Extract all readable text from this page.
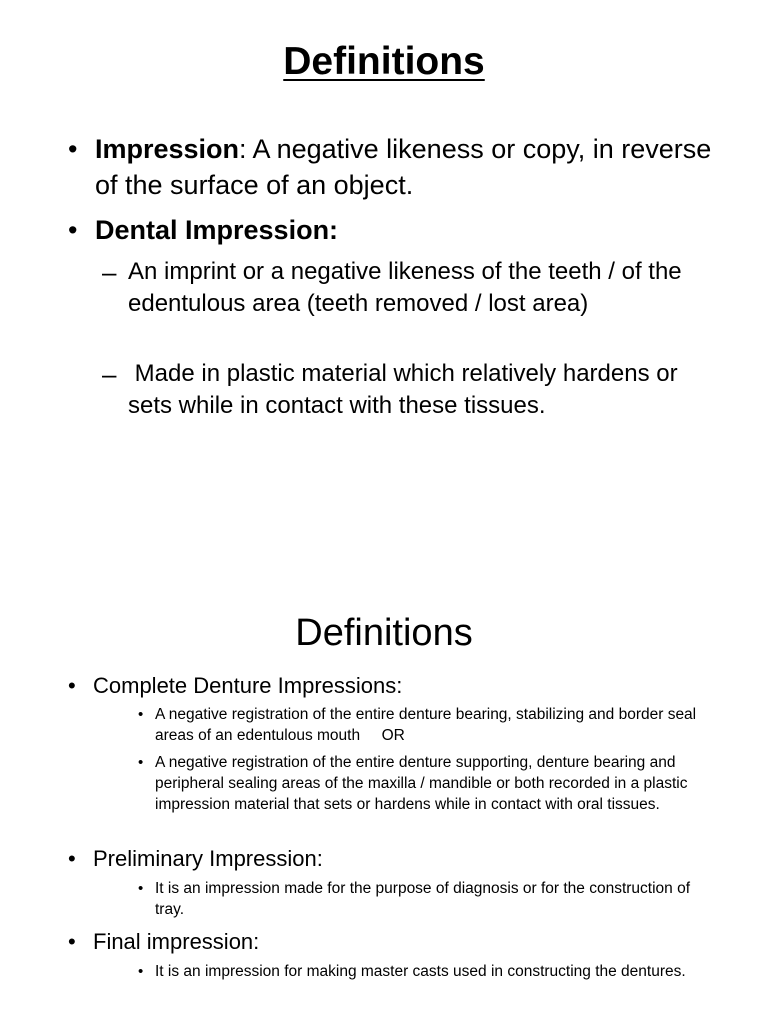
Definitions
• Impression: A negative likeness or copy, in reverse of the surface of an object.
• Dental Impression:
– An imprint or a negative likeness of the teeth / of the edentulous area (teeth removed / lost area)
– Made in plastic material which relatively hardens or sets while in contact with these tissues.
Definitions
• Complete Denture Impressions:
• A negative registration of the entire denture bearing, stabilizing and border seal areas of an edentulous mouth     OR
• A negative registration of the entire denture supporting, denture bearing and peripheral sealing areas of the maxilla / mandible or both recorded in a plastic impression material that sets or hardens while in contact with oral tissues.
• Preliminary Impression:
• It is an impression made for the purpose of diagnosis or for the construction of tray.
• Final impression:
• It is an impression for making master casts used in constructing the dentures.
